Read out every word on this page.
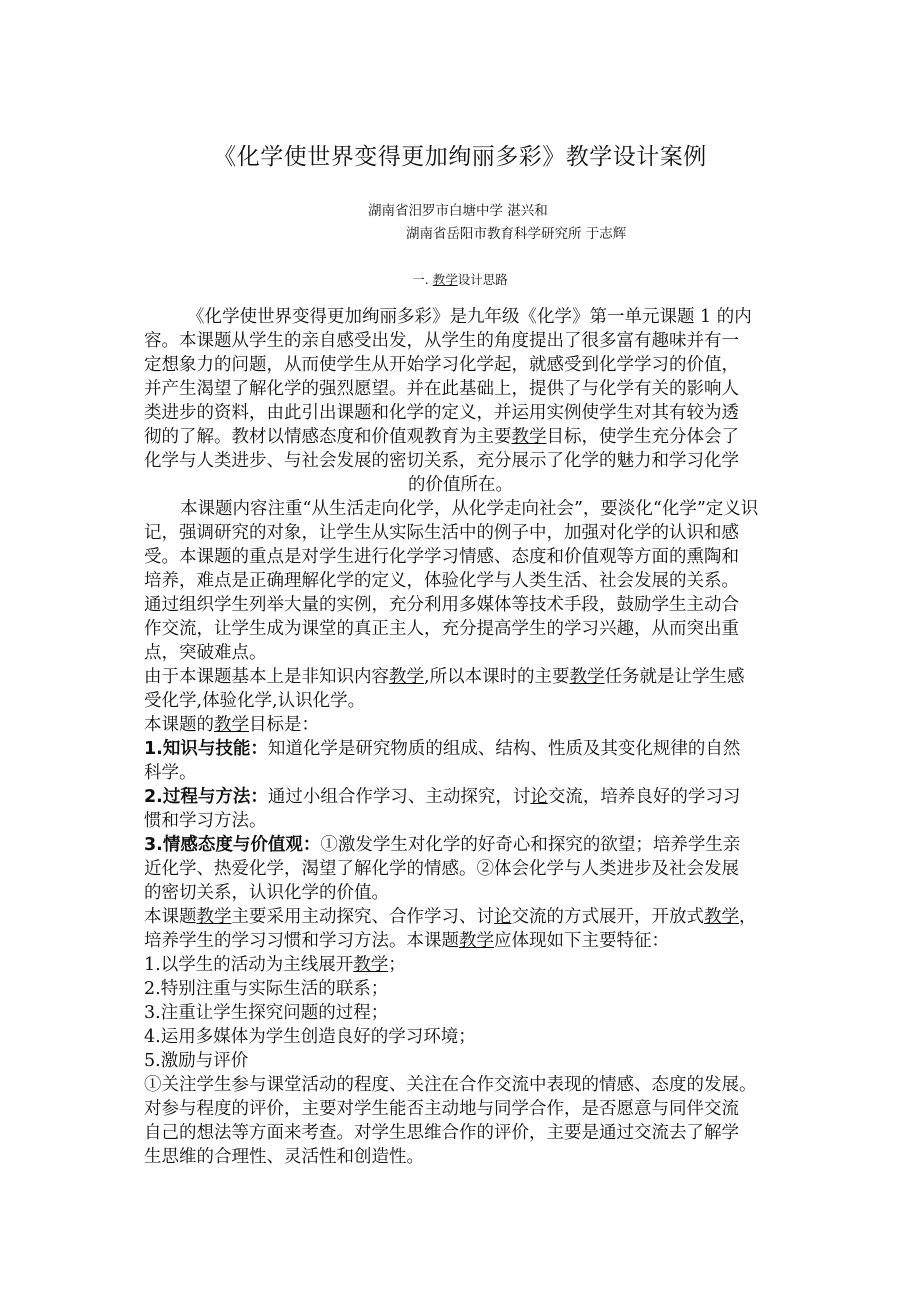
《化学使世界变得更加绚丽多彩》教学设计案例
湖南省汨罗市白塘中学 湛兴和
湖南省岳阳市教育科学研究所 于志辉
一. 教学设计思路
《化学使世界变得更加绚丽多彩》是九年级《化学》第一单元课题 1 的内
容。本课题从学生的亲自感受出发，从学生的角度提出了很多富有趣味并有一
定想象力的问题，从而使学生从开始学习化学起，就感受到化学学习的价值，
并产生渴望了解化学的强烈愿望。并在此基础上，提供了与化学有关的影响人
类进步的资料，由此引出课题和化学的定义，并运用实例使学生对其有较为透
彻的了解。教材以情感态度和价值观教育为主要教学目标，使学生充分体会了
化学与人类进步、与社会发展的密切关系，充分展示了化学的魅力和学习化学
的价值所在。
本课题内容注重“从生活走向化学，从化学走向社会”，要淡化“化学”定义识
记，强调研究的对象，让学生从实际生活中的例子中，加强对化学的认识和感
受。本课题的重点是对学生进行化学学习情感、态度和价值观等方面的熏陶和
培养，难点是正确理解化学的定义，体验化学与人类生活、社会发展的关系。
通过组织学生列举大量的实例，充分利用多媒体等技术手段，鼓励学生主动合
作交流，让学生成为课堂的真正主人，充分提高学生的学习兴趣，从而突出重
点，突破难点。
由于本课题基本上是非知识内容教学,所以本课时的主要教学任务就是让学生感
受化学,体验化学,认识化学。
本课题的教学目标是：
1.知识与技能：知道化学是研究物质的组成、结构、性质及其变化规律的自然
科学。
2.过程与方法：通过小组合作学习、主动探究，讨论交流，培养良好的学习习
惯和学习方法。
3.情感态度与价值观：①激发学生对化学的好奇心和探究的欲望；培养学生亲
近化学、热爱化学，渴望了解化学的情感。②体会化学与人类进步及社会发展
的密切关系，认识化学的价值。
本课题教学主要采用主动探究、合作学习、讨论交流的方式展开，开放式教学，
培养学生的学习习惯和学习方法。本课题教学应体现如下主要特征：
1.以学生的活动为主线展开教学；
2.特别注重与实际生活的联系；
3.注重让学生探究问题的过程；
4.运用多媒体为学生创造良好的学习环境；
5.激励与评价
①关注学生参与课堂活动的程度、关注在合作交流中表现的情感、态度的发展。
对参与程度的评价，主要对学生能否主动地与同学合作，是否愿意与同伴交流
自己的想法等方面来考查。对学生思维合作的评价，主要是通过交流去了解学
生思维的合理性、灵活性和创造性。
